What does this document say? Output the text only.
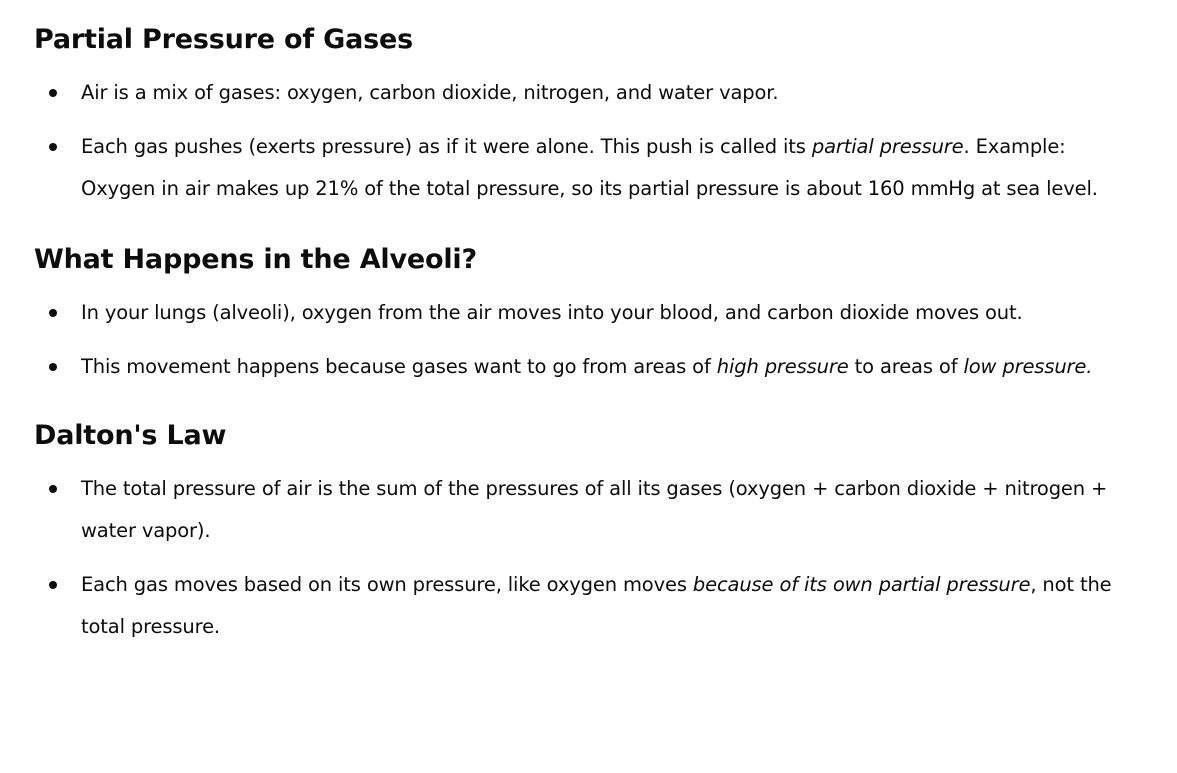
Partial Pressure of Gases
Air is a mix of gases: oxygen, carbon dioxide, nitrogen, and water vapor.
Each gas pushes (exerts pressure) as if it were alone. This push is called its partial pressure. Example: Oxygen in air makes up 21% of the total pressure, so its partial pressure is about 160 mmHg at sea level.
What Happens in the Alveoli?
In your lungs (alveoli), oxygen from the air moves into your blood, and carbon dioxide moves out.
This movement happens because gases want to go from areas of high pressure to areas of low pressure.
Dalton's Law
The total pressure of air is the sum of the pressures of all its gases (oxygen + carbon dioxide + nitrogen + water vapor).
Each gas moves based on its own pressure, like oxygen moves because of its own partial pressure, not the total pressure.
